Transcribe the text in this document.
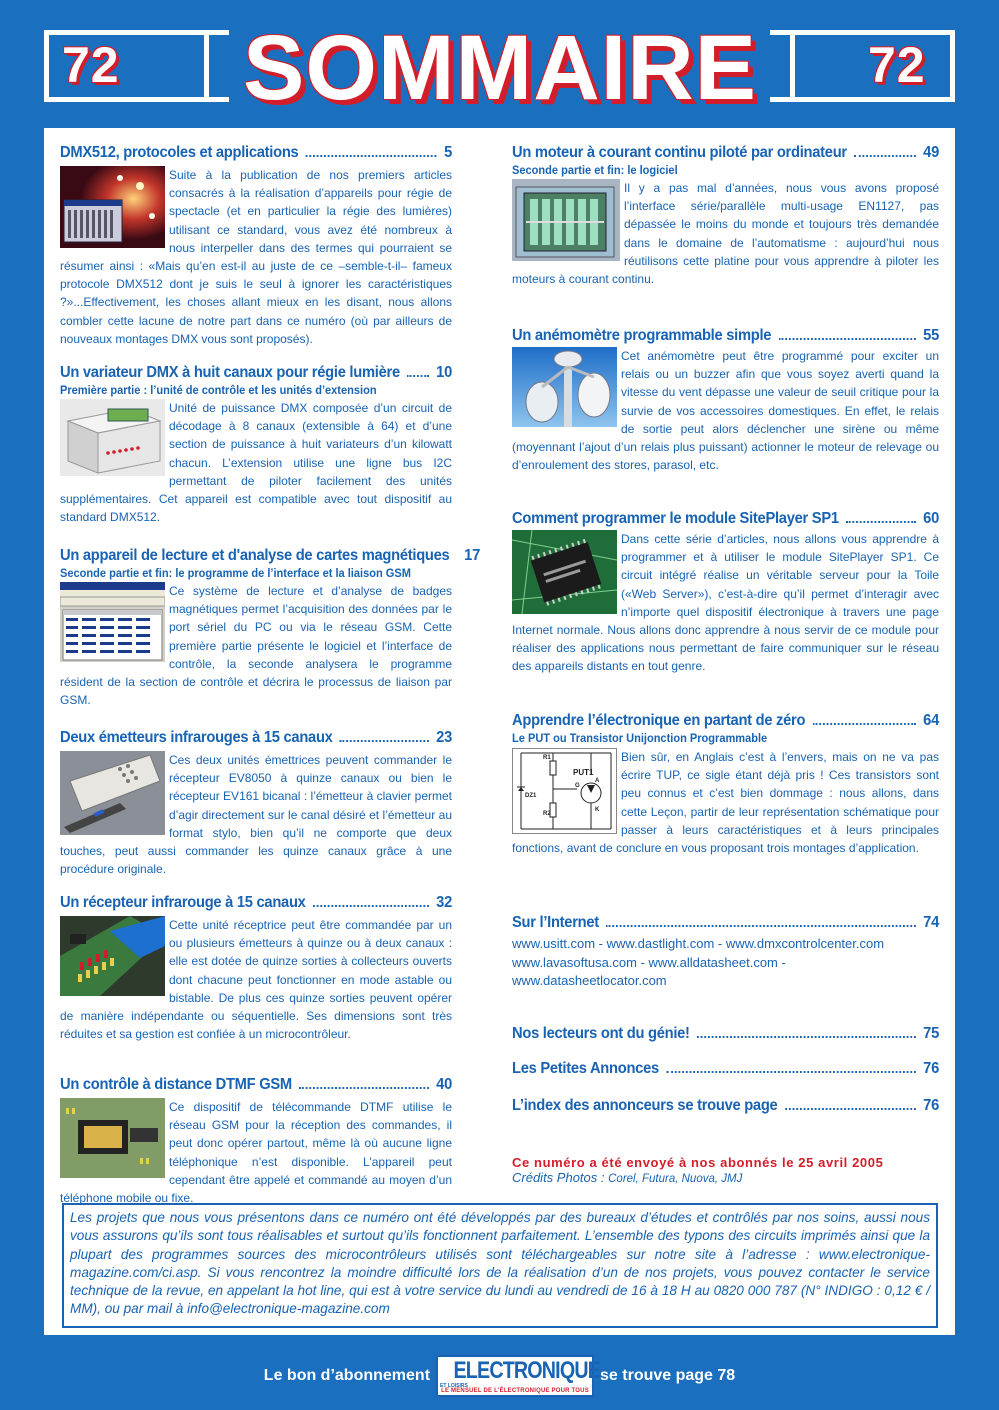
72 SOMMAIRE	72
DMX512, protocoles et applications	5
Suite à la publication de nos premiers articles consacrés à la réalisation d’appareils pour régie de spectacle (et en particulier la régie des lumières) utilisant ce standard, vous avez été nombreux à nous interpeller dans des termes qui pourraient se résumer ainsi : «Mais qu’en est-il au juste de ce –semble-t-il– fameux protocole DMX512 dont je suis le seul à ignorer les caractéristiques ?»...Effectivement, les choses allant mieux en les disant, nous allons combler cette lacune de notre part dans ce numéro (où par ailleurs de nouveaux montages DMX vous sont proposés).
Un variateur DMX à huit canaux pour régie lumière 10
Première partie : l’unité de contrôle et les unités d’extension
Unité de puissance DMX composée d’un circuit de décodage à 8 canaux (extensible à 64) et d’une section de puissance à huit variateurs d’un kilowatt chacun. L’extension utilise une ligne bus I2C permettant de piloter facilement des unités supplémentaires. Cet appareil est compatible avec tout dispositif au standard DMX512.
Un appareil de lecture et d'analyse de cartes magnétiques 17
Seconde partie et fin: le programme de l’interface et la liaison GSM
Ce système de lecture et d’analyse de badges magnétiques permet l’acquisition des données par le port sériel du PC ou via le réseau GSM. Cette première partie présente le logiciel et l’interface de contrôle, la seconde analysera le programme résident de la section de contrôle et décrira le processus de liaison par GSM.
Deux émetteurs infrarouges à 15 canaux	23
Ces deux unités émettrices peuvent commander le récepteur EV8050 à quinze canaux ou bien le récepteur EV161 bicanal : l’émetteur à clavier permet d’agir directement sur le canal désiré et l’émetteur au format stylo, bien qu’il ne comporte que deux touches, peut aussi commander les quinze canaux grâce à une procédure originale.
Un récepteur infrarouge à 15 canaux	32
Cette unité réceptrice peut être commandée par un ou plusieurs émetteurs à quinze ou à deux canaux : elle est dotée de quinze sorties à collecteurs ouverts dont chacune peut fonctionner en mode astable ou bistable. De plus ces quinze sorties peuvent opérer de manière indépendante ou séquentielle. Ses dimensions sont très réduites et sa gestion est confiée à un microcontrôleur.
Un contrôle à distance DTMF GSM	40
Ce dispositif de télécommande DTMF utilise le réseau GSM pour la réception des commandes, il peut donc opérer partout, même là où aucune ligne téléphonique n’est disponible. L’appareil peut cependant être appelé et commandé au moyen d’un téléphone mobile ou fixe.
Un moteur à courant continu piloté par ordinateur	49
Seconde partie et fin: le logiciel
Il y a pas mal d’années, nous vous avons proposé l’interface série/parallèle multi-usage EN1127, pas dépassée le moins du monde et toujours très demandée dans le domaine de l’automatisme : aujourd’hui nous réutilisons cette platine pour vous apprendre à piloter les moteurs à courant continu.
Un anémomètre programmable simple	55
Cet anémomètre peut être programmé pour exciter un relais ou un buzzer afin que vous soyez averti quand la vitesse du vent dépasse une valeur de seuil critique pour la survie de vos accessoires domestiques. En effet, le relais de sortie peut alors déclencher une sirène ou même (moyennant l’ajout d’un relais plus puissant) actionner le moteur de relevage ou d’enroulement des stores, parasol, etc.
Comment programmer le module SitePlayer SP1	60
Dans cette série d’articles, nous allons vous apprendre à programmer et à utiliser le module SitePlayer SP1. Ce circuit intégré réalise un véritable serveur pour la Toile («Web Server»), c’est-à-dire qu’il permet d’interagir avec n’importe quel dispositif électronique à travers une page Internet normale. Nous allons donc apprendre à nous servir de ce module pour réaliser des applications nous permettant de faire communiquer sur le réseau des appareils distants en tout genre.
Apprendre l’électronique en partant de zéro	64
Le PUT ou Transistor Unijonction Programmable
R1
R2
DZ1
PUT1
G
A
K
Bien sûr, en Anglais c’est à l’envers, mais on ne va pas écrire TUP, ce sigle étant déjà pris ! Ces transistors sont peu connus et c’est bien dommage : nous allons, dans cette Leçon, partir de leur représentation schématique pour passer à leurs caractéristiques et à leurs principales fonctions, avant de conclure en vous proposant trois montages d’application.
Sur l’Internet	74
www.usitt.com - www.dastlight.com - www.dmxcontrolcenter.com
www.lavasoftusa.com - www.alldatasheet.com -
www.datasheetlocator.com
Nos lecteurs ont du génie!	75
Les Petites Annonces	76
L’index des annonceurs se trouve page	76
Ce numéro a été envoyé à nos abonnés le 25 avril 2005
Crédits Photos : Corel, Futura, Nuova, JMJ
Les projets que nous vous présentons dans ce numéro ont été développés par des bureaux d’études et contrôlés par nos soins, aussi nous vous assurons qu’ils sont tous réalisables et surtout qu’ils fonctionnent parfaitement. L’ensemble des typons des circuits imprimés ainsi que la plupart des programmes sources des microcontrôleurs utilisés sont téléchargeables sur notre site à l’adresse : www.electronique-magazine.com/ci.asp. Si vous rencontrez la moindre difficulté lors de la réalisation d’un de nos projets, vous pouvez contacter le service technique de la revue, en appelant la hot line, qui est à votre service du lundi au vendredi de 16 à 18 H au 0820 000 787 (N° INDIGO : 0,12 € / MM), ou par mail à info@electronique-magazine.com
Le bon d’abonnement ELECTRONIQUE
ET LOISIRS
LE MENSUEL DE L'ÉLECTRONIQUE POUR TOUS
se trouve page 78
